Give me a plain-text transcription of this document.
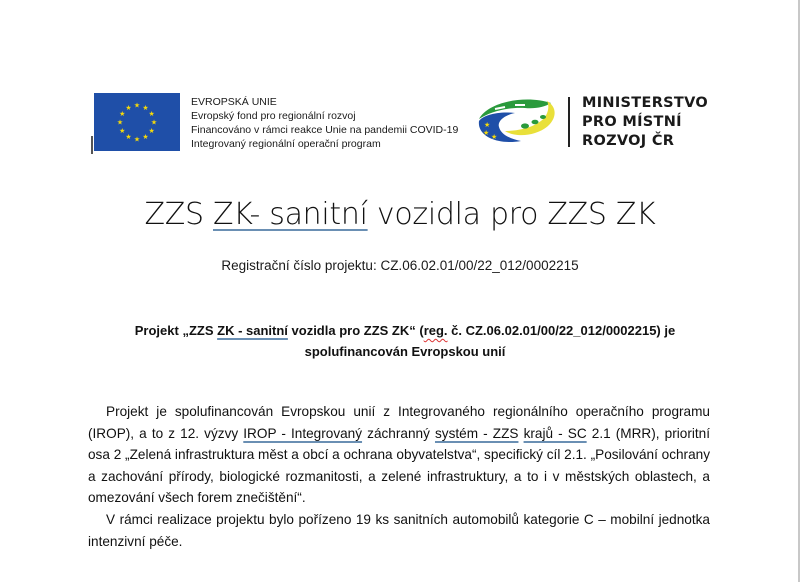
★ ★
★
★
★
★
★
★
★
★
★
★	EVROPSKÁ UNIE
Evropský fond pro regionální rozvoj
Financováno v rámci reakce Unie na pandemii COVID-19
Integrovaný regionální operační program
★
★ ★
MINISTERSTVO
PRO MÍSTNÍ
ROZVOJ ČR
ZZS ZK- sanitní vozidla pro ZZS ZK
Registrační číslo projektu: CZ.06.02.01/00/22_012/0002215
Projekt „ZZS ZK - sanitní vozidla pro ZZS ZK“ (reg. č. CZ.06.02.01/00/22_012/0002215) je spolufinancován Evropskou unií
Projekt je spolufinancován Evropskou unií z Integrovaného regionálního operačního programu (IROP), a to z 12. výzvy IROP - Integrovaný záchranný systém - ZZS krajů - SC 2.1 (MRR), prioritní osa 2 „Zelená infrastruktura měst a obcí a ochrana obyvatelstva“, specifický cíl 2.1. „Posilování ochrany a zachování přírody, biologické rozmanitosti, a zelené infrastruktury, a to i v městských oblastech, a omezování všech forem znečištění“.
V rámci realizace projektu bylo pořízeno 19 ks sanitních automobilů kategorie C – mobilní jednotka intenzivní péče.
